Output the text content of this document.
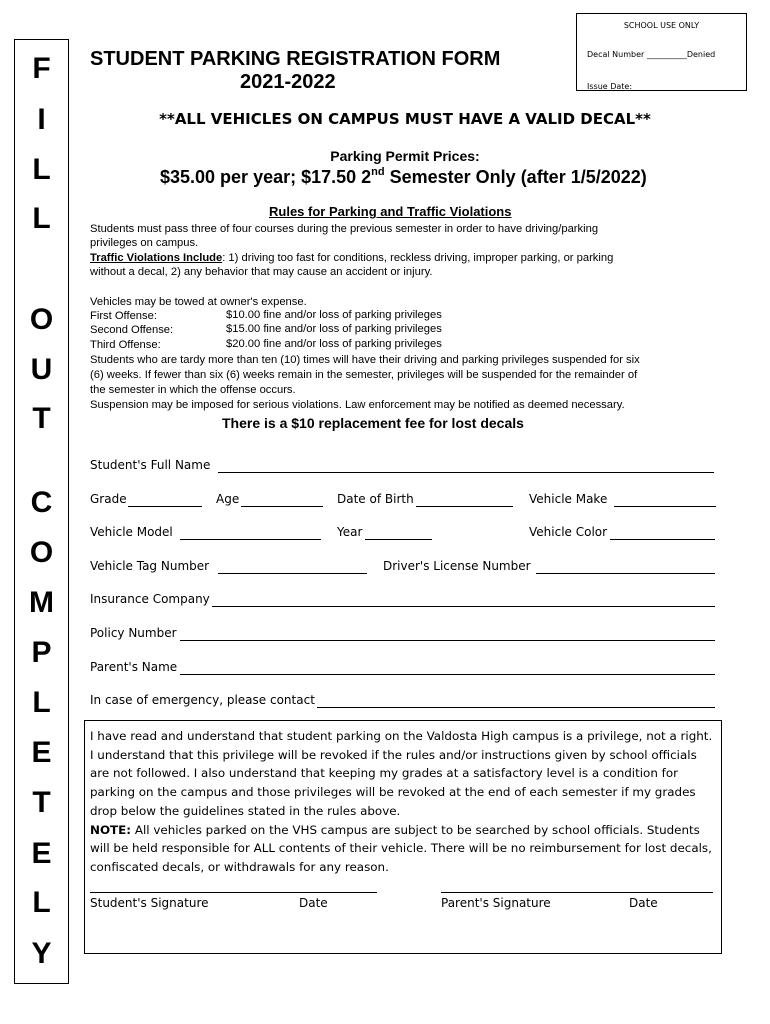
SCHOOL USE ONLY
Decal Number __________Denied
Issue Date:
F
I
L
L
O
U
T
C
O
M
P
L
E
T
E
L
Y
STUDENT PARKING REGISTRATION FORM
2021-2022
**ALL VEHICLES ON CAMPUS MUST HAVE A VALID DECAL**
Parking Permit Prices:
$35.00 per year; $17.50 2nd Semester Only (after 1/5/2022)
Rules for Parking and Traffic Violations
Students must pass three of four courses during the previous semester in order to have driving/parking
privileges on campus.
Traffic Violations Include: 1) driving too fast for conditions, reckless driving, improper parking, or parking
without a decal, 2) any behavior that may cause an accident or injury.
Vehicles may be towed at owner's expense.
First Offense:	$10.00 fine and/or loss of parking privileges
Second Offense:	$15.00 fine and/or loss of parking privileges
Third Offense:	$20.00 fine and/or loss of parking privileges
Students who are tardy more than ten (10) times will have their driving and parking privileges suspended for six
(6) weeks. If fewer than six (6) weeks remain in the semester, privileges will be suspended for the remainder of
the semester in which the offense occurs.
Suspension may be imposed for serious violations. Law enforcement may be notified as deemed necessary.
There is a $10 replacement fee for lost decals
Student's Full Name
Grade	Age	Date of Birth	Vehicle Make
Vehicle Model	Year	Vehicle Color
Vehicle Tag Number	Driver's License Number
Insurance Company
Policy Number
Parent's Name
In case of emergency, please contact
I have read and understand that student parking on the Valdosta High campus is a privilege, not a right. I understand that this privilege will be revoked if the rules and/or instructions given by school officials are not followed. I also understand that keeping my grades at a satisfactory level is a condition for parking on the campus and those privileges will be revoked at the end of each semester if my grades drop below the guidelines stated in the rules above.
NOTE: All vehicles parked on the VHS campus are subject to be searched by school officials. Students will be held responsible for ALL contents of their vehicle. There will be no reimbursement for lost decals, confiscated decals, or withdrawals for any reason.
Student's Signature	Date	Parent's Signature	Date
